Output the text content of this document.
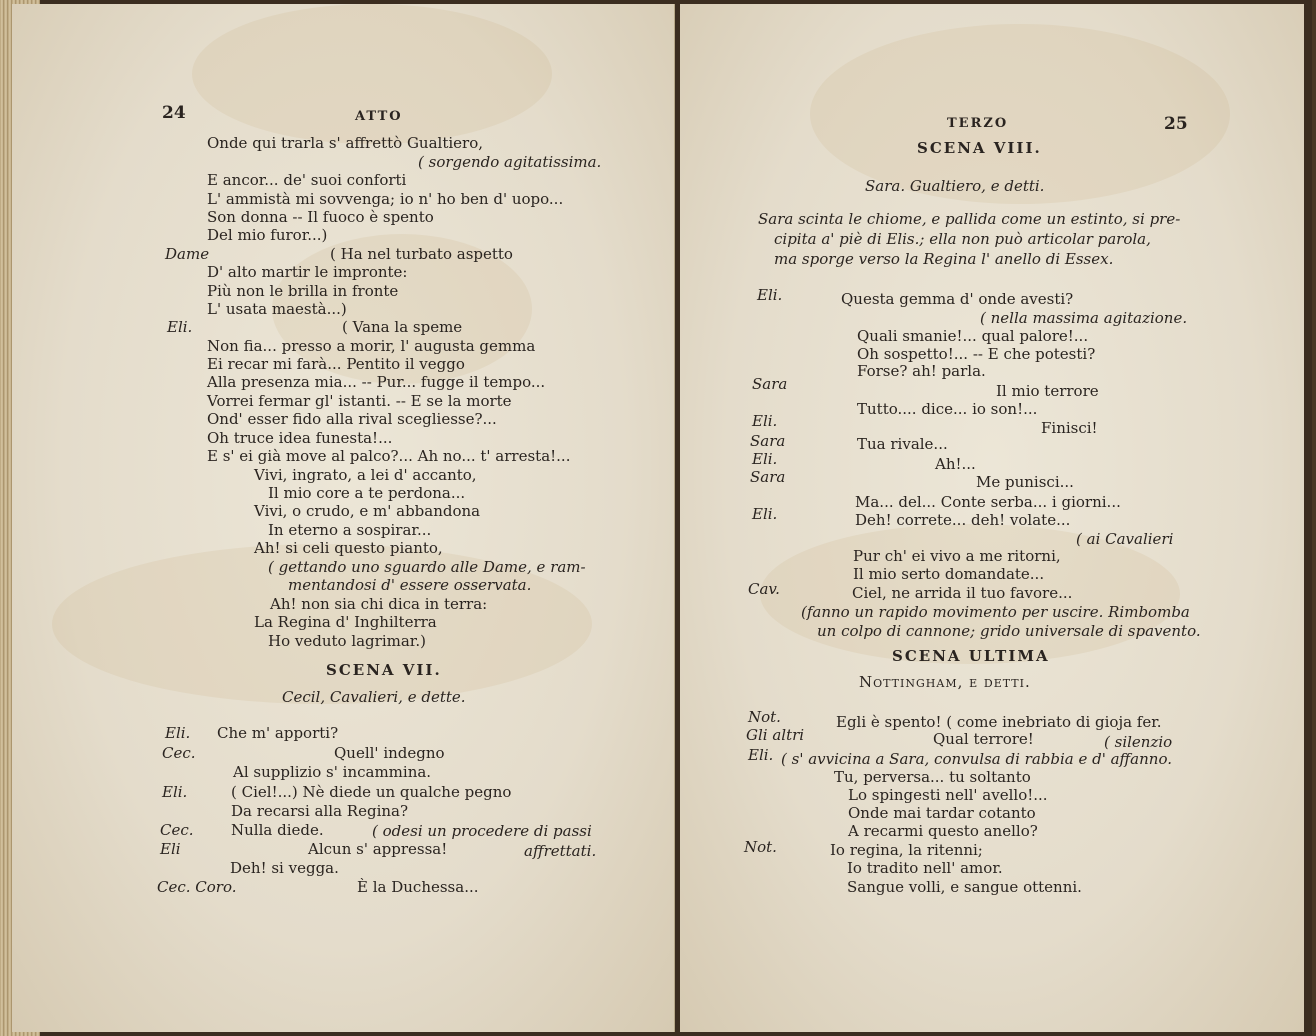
24	ATTO
Onde qui trarla s' affrettò Gualtiero,
( sorgendo agitatissima.
E ancor... de' suoi conforti
L' ammistà mi sovvenga; io n' ho ben d' uopo...
Son donna -- Il fuoco è spento
Del mio furor...)
Dame	( Ha nel turbato aspetto
D' alto martir le impronte:
Più non le brilla in fronte
L' usata maestà...)
Eli.	( Vana la speme
Non fia... presso a morir, l' augusta gemma
Ei recar mi farà... Pentito il veggo
Alla presenza mia... -- Pur... fugge il tempo...
Vorrei fermar gl' istanti. -- E se la morte
Ond' esser fido alla rival scegliesse?...
Oh truce idea funesta!...
E s' ei già move al palco?... Ah no... t' arresta!...
Vivi, ingrato, a lei d' accanto,
Il mio core a te perdona...
Vivi, o crudo, e m' abbandona
In eterno a sospirar...
Ah! si celi questo pianto,
( gettando uno sguardo alle Dame, e ram-
mentandosi d' essere osservata.
Ah! non sia chi dica in terra:
La Regina d' Inghilterra
Ho veduto lagrimar.)
SCENA VII.
Cecil, Cavalieri, e dette.
Eli. Che m' apporti?
Cec.	Quell' indegno
Al supplizio s' incammina.
Eli.	( Ciel!...) Nè diede un qualche pegno
Da recarsi alla Regina?
Cec. Nulla diede.	( odesi un procedere di passi
Eli	Alcun s' appressa!	affrettati.
Deh! si vegga.
Cec. Coro.	È la Duchessa...
TERZO	25
SCENA VIII.
Sara. Gualtiero, e detti.
Sara scinta le chiome, e pallida come un estinto, si pre-
cipita a' piè di Elis.; ella non può articolar parola,
ma sporge verso la Regina l' anello di Essex.
Eli.	Questa gemma d' onde avesti?
( nella massima agitazione.
Quali smanie!... qual palore!...
Oh sospetto!... -- E che potesti?
Forse? ah! parla.
Sara	Il mio terrore
Tutto.... dice... io son!...
Eli.	Finisci!
Sara	Tua rivale...
Eli.	Ah!...
Sara	Me punisci...
Ma... del... Conte serba... i giorni...
Eli.	Deh! correte... deh! volate...
( ai Cavalieri
Pur ch' ei vivo a me ritorni,
Il mio serto domandate...
Cav.	Ciel, ne arrida il tuo favore...
(fanno un rapido movimento per uscire. Rimbomba
un colpo di cannone; grido universale di spavento.
SCENA ULTIMA
Nottingham, e detti.
Not.	Egli è spento! ( come inebriato di gioja fer.
Gli altri	Qual terrore!	( silenzio
Eli. ( s' avvicina a Sara, convulsa di rabbia e d' affanno.
Tu, perversa... tu soltanto
Lo spingesti nell' avello!...
Onde mai tardar cotanto
A recarmi questo anello?
Not.	Io regina, la ritenni;
Io tradito nell' amor.
Sangue volli, e sangue ottenni.
